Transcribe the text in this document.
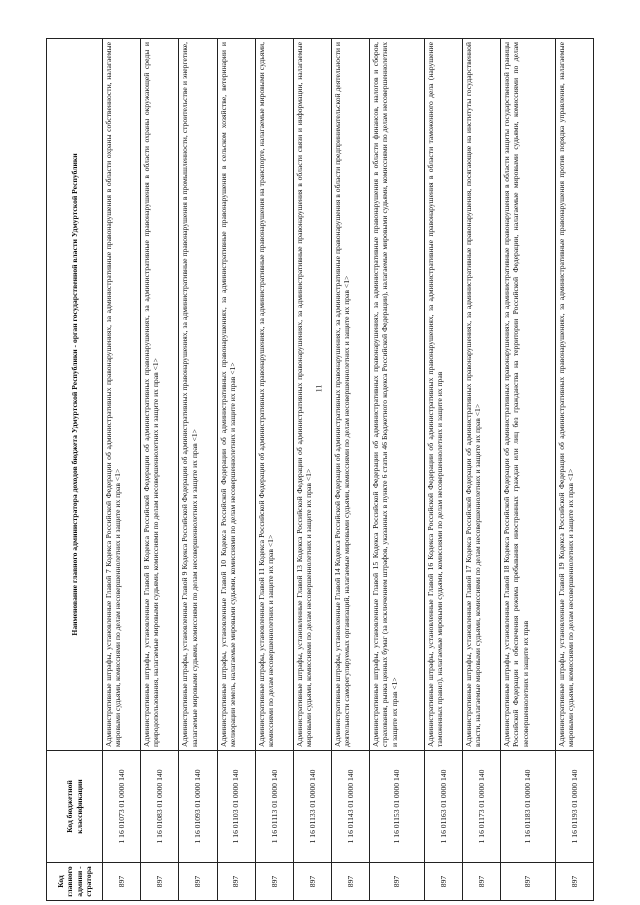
11
Код главного админи - стратора	Код бюджетной классификации	Наименование главного администратора доходов бюджета Удмуртской Республики - орган государственной власти Удмуртской Республики
897	1 16 01073 01 0000 140	Административные штрафы, установленные Главой 7 Кодекса Российской Федерации об административных правонарушениях, за административные правонарушения в области охраны собственности, налагаемые мировыми судьями, комиссиями по делам несовершеннолетних и защите их прав <1>
897	1 16 01083 01 0000 140	Административные штрафы, установленные Главой 8 Кодекса Российской Федерации об административных правонарушениях, за административные правонарушения в области охраны окружающей среды и природопользования, налагаемые мировыми судьями, комиссиями по делам несовершеннолетних и защите их прав <1>
897	1 16 01093 01 0000 140	Административные штрафы, установленные Главой 9 Кодекса Российской Федерации об административных правонарушениях, за административные правонарушения в промышленности, строительстве и энергетике, налагаемые мировыми судьями, комиссиями по делам несовершеннолетних и защите их прав <1>
897	1 16 01103 01 0000 140	Административные штрафы, установленные Главой 10 Кодекса Российской Федерации об административных правонарушениях, за административные правонарушения в сельском хозяйстве, ветеринарии и мелиорации земель, налагаемые мировыми судьями, комиссиями по делам несовершеннолетних и защите их прав <1>
897	1 16 01113 01 0000 140	Административные штрафы, установленные Главой 11 Кодекса Российской Федерации об административных правонарушениях, за административные правонарушения на транспорте, налагаемые мировыми судьями, комиссиями по делам несовершеннолетних и защите их прав <1>
897	1 16 01133 01 0000 140	Административные штрафы, установленные Главой 13 Кодекса Российской Федерации об административных правонарушениях, за административные правонарушения в области связи и информации, налагаемые мировыми судьями, комиссиями по делам несовершеннолетних и защите их прав <1>
897	1 16 01143 01 0000 140	Административные штрафы, установленные Главой 14 Кодекса Российской Федерации об административных правонарушениях, за административные правонарушения в области предпринимательской деятельности и деятельности саморегулируемых организаций, налагаемые мировыми судьями, комиссиями по делам несовершеннолетних и защите их прав <1>
897	1 16 01153 01 0000 140	Административные штрафы, установленные Главой 15 Кодекса Российской Федерации об административных правонарушениях, за административные правонарушения в области финансов, налогов и сборов, страхования, рынка ценных бумаг (за исключением штрафов, указанных в пункте 6 статьи 46 Бюджетного кодекса Российской Федерации), налагаемые мировыми судьями, комиссиями по делам несовершеннолетних и защите их прав <1>
897	1 16 01163 01 0000 140	Административные штрафы, установленные Главой 16 Кодекса Российской Федерации об административных правонарушениях, за административные правонарушения в области таможенного дела (нарушение таможенных правил), налагаемые мировыми судьями, комиссиями по делам несовершеннолетних и защите их прав
897	1 16 01173 01 0000 140	Административные штрафы, установленные Главой 17 Кодекса Российской Федерации об административных правонарушениях, за административные правонарушения, посягающие на институты государственной власти, налагаемые мировыми судьями, комиссиями по делам несовершеннолетних и защите их прав <1>
897	1 16 01183 01 0000 140	Административные штрафы, установленные Главой 18 Кодекса Российской Федерации об административных правонарушениях, за административные правонарушения в области защиты государственной границы Российской Федерации и обеспечения режима пребывания иностранных граждан или лиц без гражданства на территории Российской Федерации, налагаемые мировыми судьями, комиссиями по делам несовершеннолетних и защите их прав
897	1 16 01193 01 0000 140	Административные штрафы, установленные Главой 19 Кодекса Российской Федерации об административных правонарушениях, за административные правонарушения против порядка управления, налагаемые мировыми судьями, комиссиями по делам несовершеннолетних и защите их прав <1>
